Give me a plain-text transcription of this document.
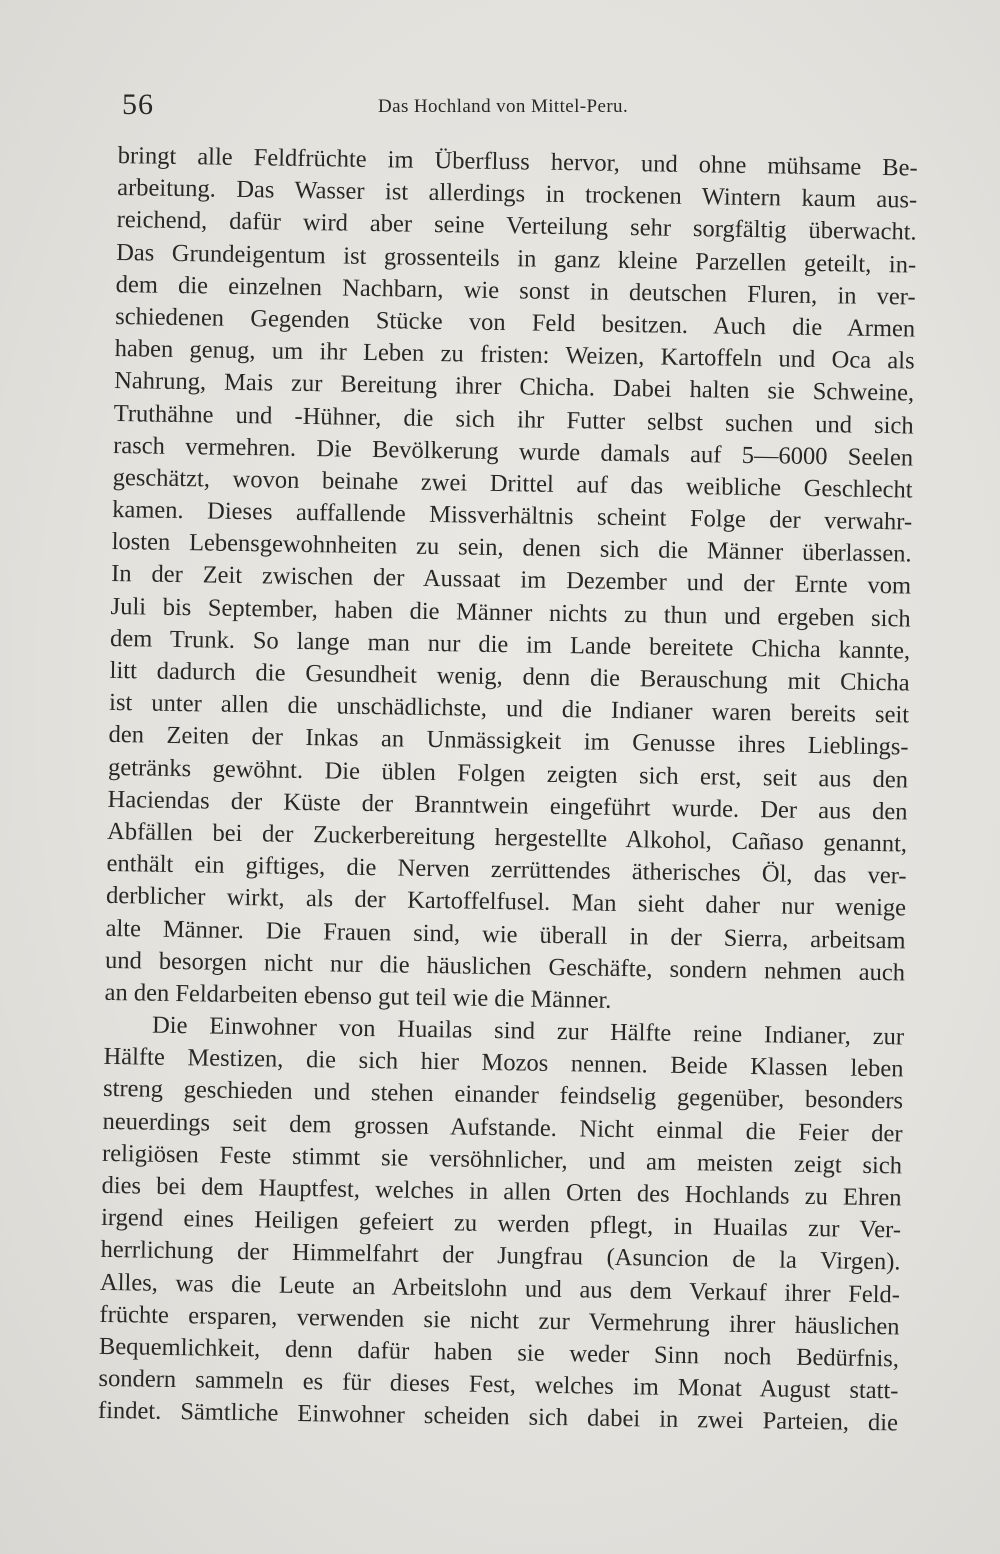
56	Das Hochland von Mittel-Peru.
bringt alle Feldfrüchte im Überfluss hervor, und ohne mühsame Be-
arbeitung. Das Wasser ist allerdings in trockenen Wintern kaum aus-
reichend, dafür wird aber seine Verteilung sehr sorgfältig überwacht.
Das Grundeigentum ist grossenteils in ganz kleine Parzellen geteilt, in-
dem die einzelnen Nachbarn, wie sonst in deutschen Fluren, in ver-
schiedenen Gegenden Stücke von Feld besitzen. Auch die Armen
haben genug, um ihr Leben zu fristen: Weizen, Kartoffeln und Oca als
Nahrung, Mais zur Bereitung ihrer Chicha. Dabei halten sie Schweine,
Truthähne und -Hühner, die sich ihr Futter selbst suchen und sich
rasch vermehren. Die Bevölkerung wurde damals auf 5—6000 Seelen
geschätzt, wovon beinahe zwei Drittel auf das weibliche Geschlecht
kamen. Dieses auffallende Missverhältnis scheint Folge der verwahr-
losten Lebensgewohnheiten zu sein, denen sich die Männer überlassen.
In der Zeit zwischen der Aussaat im Dezember und der Ernte vom
Juli bis September, haben die Männer nichts zu thun und ergeben sich
dem Trunk. So lange man nur die im Lande bereitete Chicha kannte,
litt dadurch die Gesundheit wenig, denn die Berauschung mit Chicha
ist unter allen die unschädlichste, und die Indianer waren bereits seit
den Zeiten der Inkas an Unmässigkeit im Genusse ihres Lieblings-
getränks gewöhnt. Die üblen Folgen zeigten sich erst, seit aus den
Haciendas der Küste der Branntwein eingeführt wurde. Der aus den
Abfällen bei der Zuckerbereitung hergestellte Alkohol, Cañaso genannt,
enthält ein giftiges, die Nerven zerrüttendes ätherisches Öl, das ver-
derblicher wirkt, als der Kartoffelfusel. Man sieht daher nur wenige
alte Männer. Die Frauen sind, wie überall in der Sierra, arbeitsam
und besorgen nicht nur die häuslichen Geschäfte, sondern nehmen auch
an den Feldarbeiten ebenso gut teil wie die Männer.
Die Einwohner von Huailas sind zur Hälfte reine Indianer, zur
Hälfte Mestizen, die sich hier Mozos nennen. Beide Klassen leben
streng geschieden und stehen einander feindselig gegenüber, besonders
neuerdings seit dem grossen Aufstande. Nicht einmal die Feier der
religiösen Feste stimmt sie versöhnlicher, und am meisten zeigt sich
dies bei dem Hauptfest, welches in allen Orten des Hochlands zu Ehren
irgend eines Heiligen gefeiert zu werden pflegt, in Huailas zur Ver-
herrlichung der Himmelfahrt der Jungfrau (Asuncion de la Virgen).
Alles, was die Leute an Arbeitslohn und aus dem Verkauf ihrer Feld-
früchte ersparen, verwenden sie nicht zur Vermehrung ihrer häuslichen
Bequemlichkeit, denn dafür haben sie weder Sinn noch Bedürfnis,
sondern sammeln es für dieses Fest, welches im Monat August statt-
findet. Sämtliche Einwohner scheiden sich dabei in zwei Parteien, die
